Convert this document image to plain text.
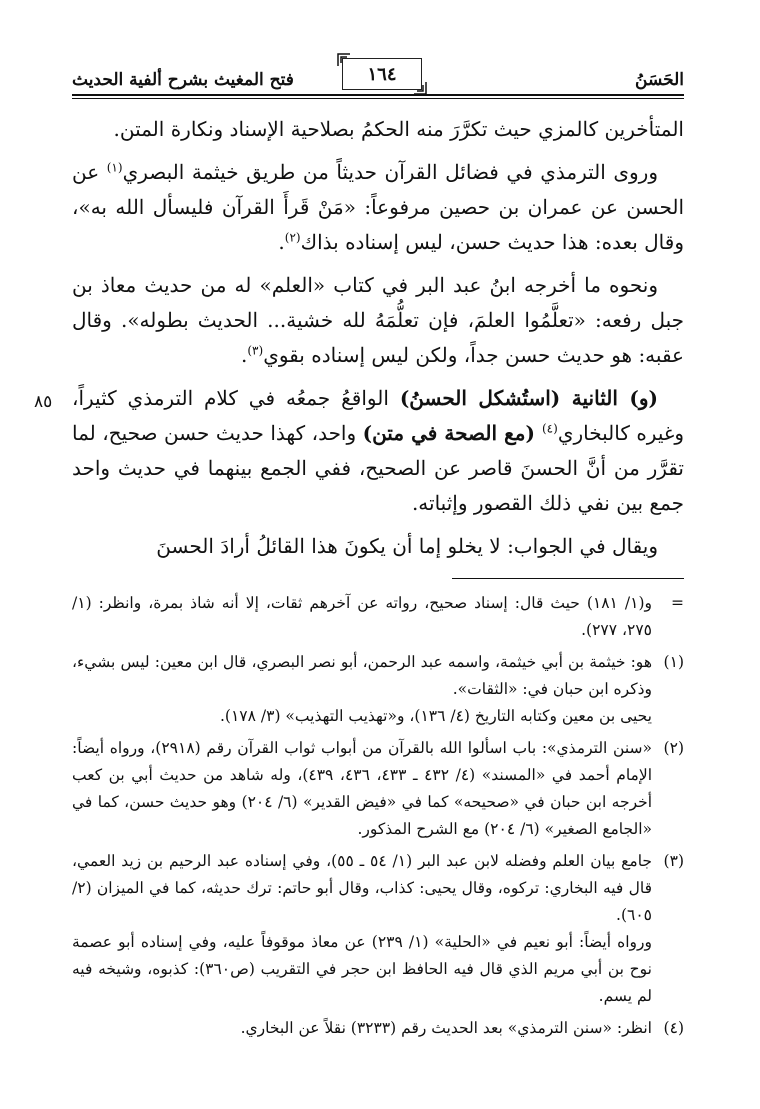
الحَسَنُ
١٦٤
فتح المغيث بشرح ألفية الحديث
٨٥

المتأخرين كالمزي حيث تكرَّرَ منه الحكمُ بصلاحية الإسناد ونكارة المتن.

وروى الترمذي في فضائل القرآن حديثاً من طريق خيثمة البصري$^{(١)}$ عن الحسن عن عمران بن حصين مرفوعاً: «مَنْ قَرأَ القرآن فليسأل الله به»، وقال بعده: هذا حديث حسن، ليس إسناده بذاك$^{(٢)}$.

ونحوه ما أخرجه ابنُ عبد البر في كتاب «العلم» له من حديث معاذ بن جبل رفعه: «تعلَّمُوا العلمَ، فإن تعلُّمَهُ لله خشية... الحديث بطوله». وقال عقبه: هو حديث حسن جداً، ولكن ليس إسناده بقوي$^{(٣)}$.

(و) الثانية (استُشكل الحسنُ) الواقعُ جمعُه في كلام الترمذي كثيراً، وغيره كالبخاري$^{(٤)}$ (مع الصحة في متن) واحد، كهذا حديث حسن صحيح، لما تقرَّر من أنَّ الحسنَ قاصر عن الصحيح، ففي الجمع بينهما في حديث واحد جمع بين نفي ذلك القصور وإثباته.

ويقال في الجواب: لا يخلو إما أن يكونَ هذا القائلُ أرادَ الحسنَ

=

و(١/ ١٨١) حيث قال: إسناد صحيح، رواته عن آخرهم ثقات، إلا أنه شاذ بمرة، وانظر: (١/ ٢٧٥، ٢٧٧).

(١)

هو: خيثمة بن أبي خيثمة، واسمه عبد الرحمن، أبو نصر البصري، قال ابن معين: ليس بشيء، وذكره ابن حبان في: «الثقات».

يحيى بن معين وكتابه التاريخ (٤/ ١٣٦)، و«تهذيب التهذيب» (٣/ ١٧٨).

(٢)

«سنن الترمذي»: باب اسألوا الله بالقرآن من أبواب ثواب القرآن رقم (٢٩١٨)، ورواه أيضاً: الإمام أحمد في «المسند» (٤/ ٤٣٢ ـ ٤٣٣، ٤٣٦، ٤٣٩)، وله شاهد من حديث أبي بن كعب أخرجه ابن حبان في «صحيحه» كما في «فيض القدير» (٦/ ٢٠٤) وهو حديث حسن، كما في «الجامع الصغير» (٦/ ٢٠٤) مع الشرح المذكور.

(٣)

جامع بيان العلم وفضله لابن عبد البر (١/ ٥٤ ـ ٥٥)، وفي إسناده عبد الرحيم بن زيد العمي، قال فيه البخاري: تركوه، وقال يحيى: كذاب، وقال أبو حاتم: ترك حديثه، كما في الميزان (٢/ ٦٠٥).

ورواه أيضاً: أبو نعيم في «الحلية» (١/ ٢٣٩) عن معاذ موقوفاً عليه، وفي إسناده أبو عصمة نوح بن أبي مريم الذي قال فيه الحافظ ابن حجر في التقريب (ص٣٦٠): كذبوه، وشيخه فيه لم يسم.

(٤)

انظر: «سنن الترمذي» بعد الحديث رقم (٣٢٣٣) نقلاً عن البخاري.
